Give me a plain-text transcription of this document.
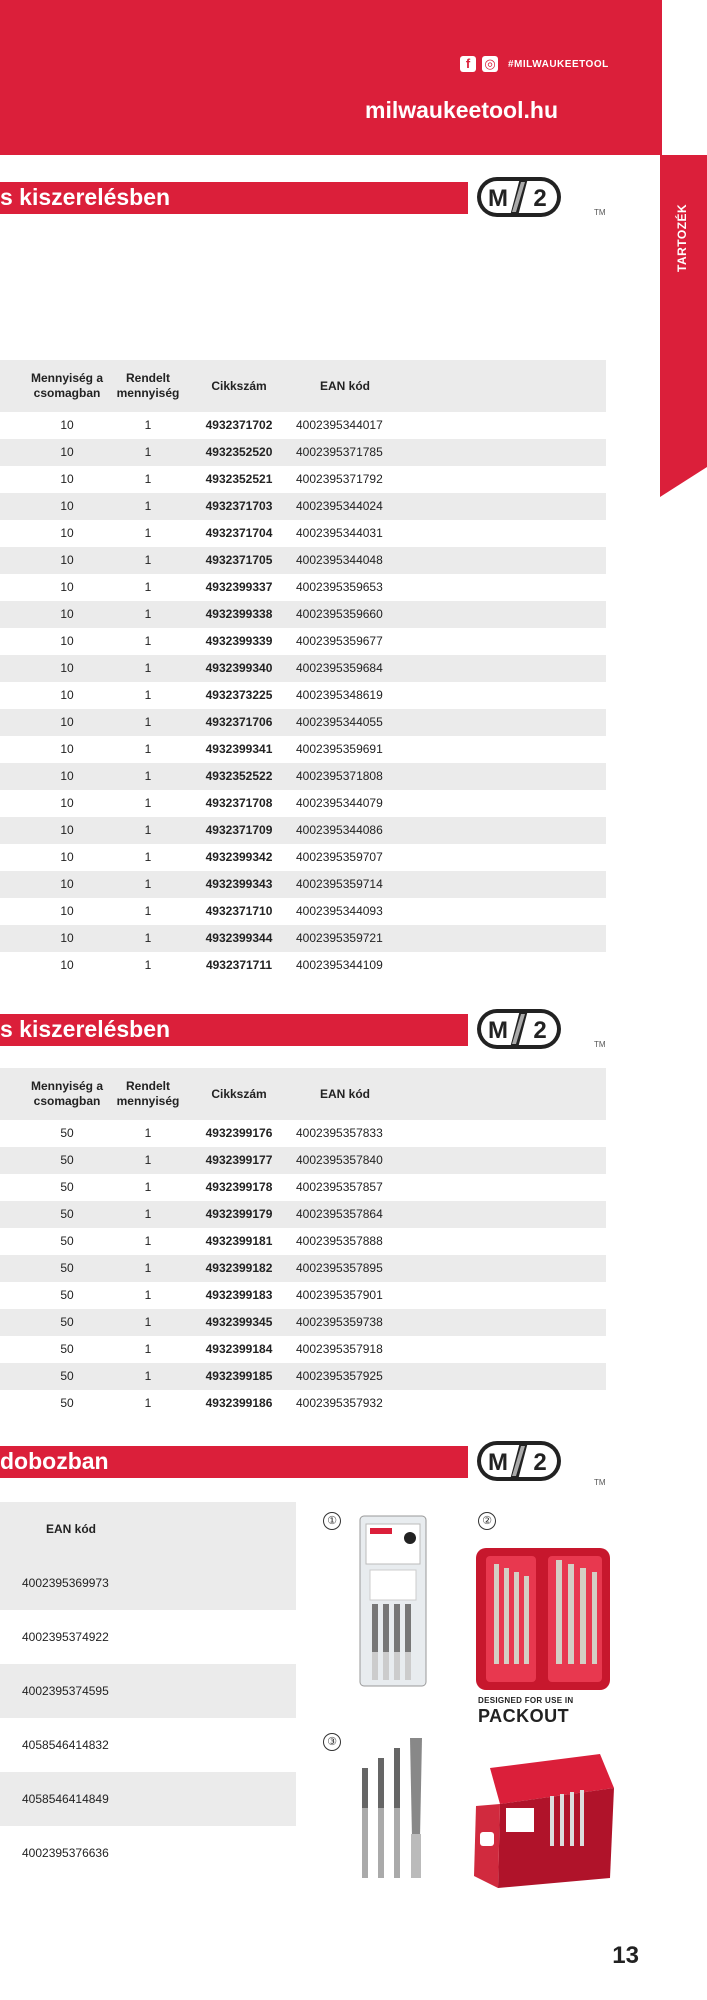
f	◎ #MILWAUKEETOOL
milwaukeetool.hu
TARTOZÉK
s kiszerelésben	M 2
TM
Mennyiség a
csomagban
Rendelt
mennyiség
Cikkszám	EAN kód
10	1	4932371702	4002395344017
10	1	4932352520	4002395371785
10	1	4932352521	4002395371792
10	1	4932371703	4002395344024
10	1	4932371704	4002395344031
10	1	4932371705	4002395344048
10	1	4932399337	4002395359653
10	1	4932399338	4002395359660
10	1	4932399339	4002395359677
10	1	4932399340	4002395359684
10	1	4932373225	4002395348619
10	1	4932371706	4002395344055
10	1	4932399341	4002395359691
10	1	4932352522	4002395371808
10	1	4932371708	4002395344079
10	1	4932371709	4002395344086
10	1	4932399342	4002395359707
10	1	4932399343	4002395359714
10	1	4932371710	4002395344093
10	1	4932399344	4002395359721
10	1	4932371711	4002395344109
s kiszerelésben	M 2
TM
Mennyiség a
csomagban
Rendelt
mennyiség
Cikkszám	EAN kód
50	1	4932399176	4002395357833
50	1	4932399177	4002395357840
50	1	4932399178	4002395357857
50	1	4932399179	4002395357864
50	1	4932399181	4002395357888
50	1	4932399182	4002395357895
50	1	4932399183	4002395357901
50	1	4932399345	4002395359738
50	1	4932399184	4002395357918
50	1	4932399185	4002395357925
50	1	4932399186	4002395357932
dobozban	M 2
TM
EAN kód
4002395369973
4002395374922
4002395374595
4058546414832
4058546414849
4002395376636
①	②
③
DESIGNED FOR USE IN
PACKOUT
13
